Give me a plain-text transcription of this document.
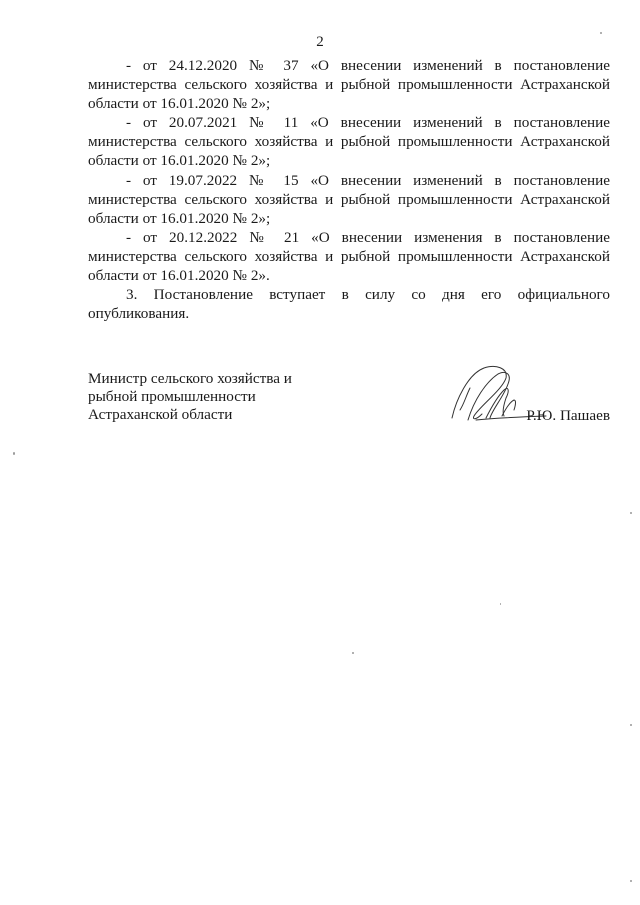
2

- от 24.12.2020 № 37 «О внесении изменений в постановление министерства сельского хозяйства и рыбной промышленности Астраханской области от 16.01.2020 № 2»;

- от 20.07.2021 № 11 «О внесении изменений в постановление министерства сельского хозяйства и рыбной промышленности Астраханской области от 16.01.2020 № 2»;

- от 19.07.2022 № 15 «О внесении изменений в постановление министерства сельского хозяйства и рыбной промышленности Астраханской области от 16.01.2020 № 2»;

- от 20.12.2022 № 21 «О внесении изменения в постановление министерства сельского хозяйства и рыбной промышленности Астраханской области от 16.01.2020 № 2».

3. Постановление вступает в силу со дня его официального опубликования.

Министр сельского хозяйства и
рыбной промышленности
Астраханской области	Р.Ю. Пашаев
